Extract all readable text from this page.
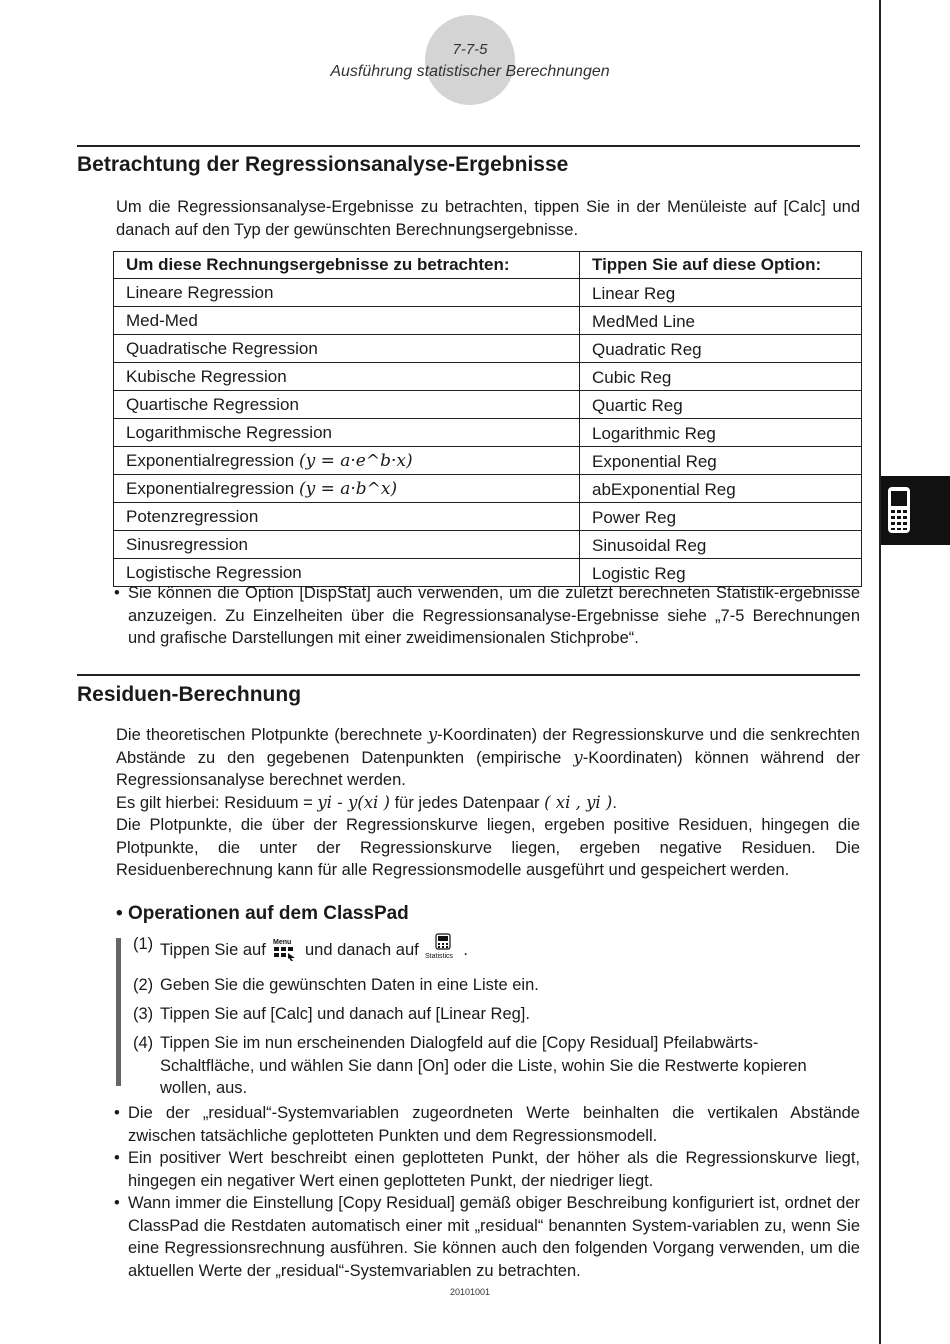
7-7-5
Ausführung statistischer Berechnungen
Betrachtung der Regressionsanalyse-Ergebnisse
Um die Regressionsanalyse-Ergebnisse zu betrachten, tippen Sie in der Menüleiste auf [Calc] und danach auf den Typ der gewünschten Berechnungsergebnisse.
Um diese Rechnungsergebnisse zu betrachten:	Tippen Sie auf diese Option:
Lineare Regression	Linear Reg
Med-Med	MedMed Line
Quadratische Regression	Quadratic Reg
Kubische Regression	Cubic Reg
Quartische Regression	Quartic Reg
Logarithmische Regression	Logarithmic Reg
Exponentialregression (y = a·e^b·x)	Exponential Reg
Exponentialregression (y = a·b^x)	abExponential Reg
Potenzregression	Power Reg
Sinusregression	Sinusoidal Reg
Logistische Regression	Logistic Reg
• Sie können die Option [DispStat] auch verwenden, um die zuletzt berechneten Statistik-ergebnisse anzuzeigen. Zu Einzelheiten über die Regressionsanalyse-Ergebnisse siehe „7-5 Berechnungen und grafische Darstellungen mit einer zweidimensionalen Stichprobe“.
Residuen-Berechnung
Die theoretischen Plotpunkte (berechnete y-Koordinaten) der Regressionskurve und die senkrechten Abstände zu den gegebenen Datenpunkten (empirische y-Koordinaten) können während der Regressionsanalyse berechnet werden.
Es gilt hierbei: Residuum = yi - y(xi ) für jedes Datenpaar ( xi , yi ).
Die Plotpunkte, die über der Regressionskurve liegen, ergeben positive Residuen, hingegen die Plotpunkte, die unter der Regressionskurve liegen, ergeben negative Residuen. Die Residuenberechnung kann für alle Regressionsmodelle ausgeführt und gespeichert werden.
• Operationen auf dem ClassPad
(1) Tippen Sie auf Menu und danach auf Statistics .
(2) Geben Sie die gewünschten Daten in eine Liste ein.
(3) Tippen Sie auf [Calc] und danach auf [Linear Reg].
(4) Tippen Sie im nun erscheinenden Dialogfeld auf die [Copy Residual] Pfeilabwärts-Schaltfläche, und wählen Sie dann [On] oder die Liste, wohin Sie die Restwerte kopieren wollen, aus.
• Die der „residual“-Systemvariablen zugeordneten Werte beinhalten die vertikalen Abstände zwischen tatsächliche geplotteten Punkten und dem Regressionsmodell.
• Ein positiver Wert beschreibt einen geplotteten Punkt, der höher als die Regressionskurve liegt, hingegen ein negativer Wert einen geplotteten Punkt, der niedriger liegt.
• Wann immer die Einstellung [Copy Residual] gemäß obiger Beschreibung konfiguriert ist, ordnet der ClassPad die Restdaten automatisch einer mit „residual“ benannten System-variablen zu, wenn Sie eine Regressionsrechnung ausführen. Sie können auch den folgenden Vorgang verwenden, um die aktuellen Werte der „residual“-Systemvariablen zu betrachten.
20101001
